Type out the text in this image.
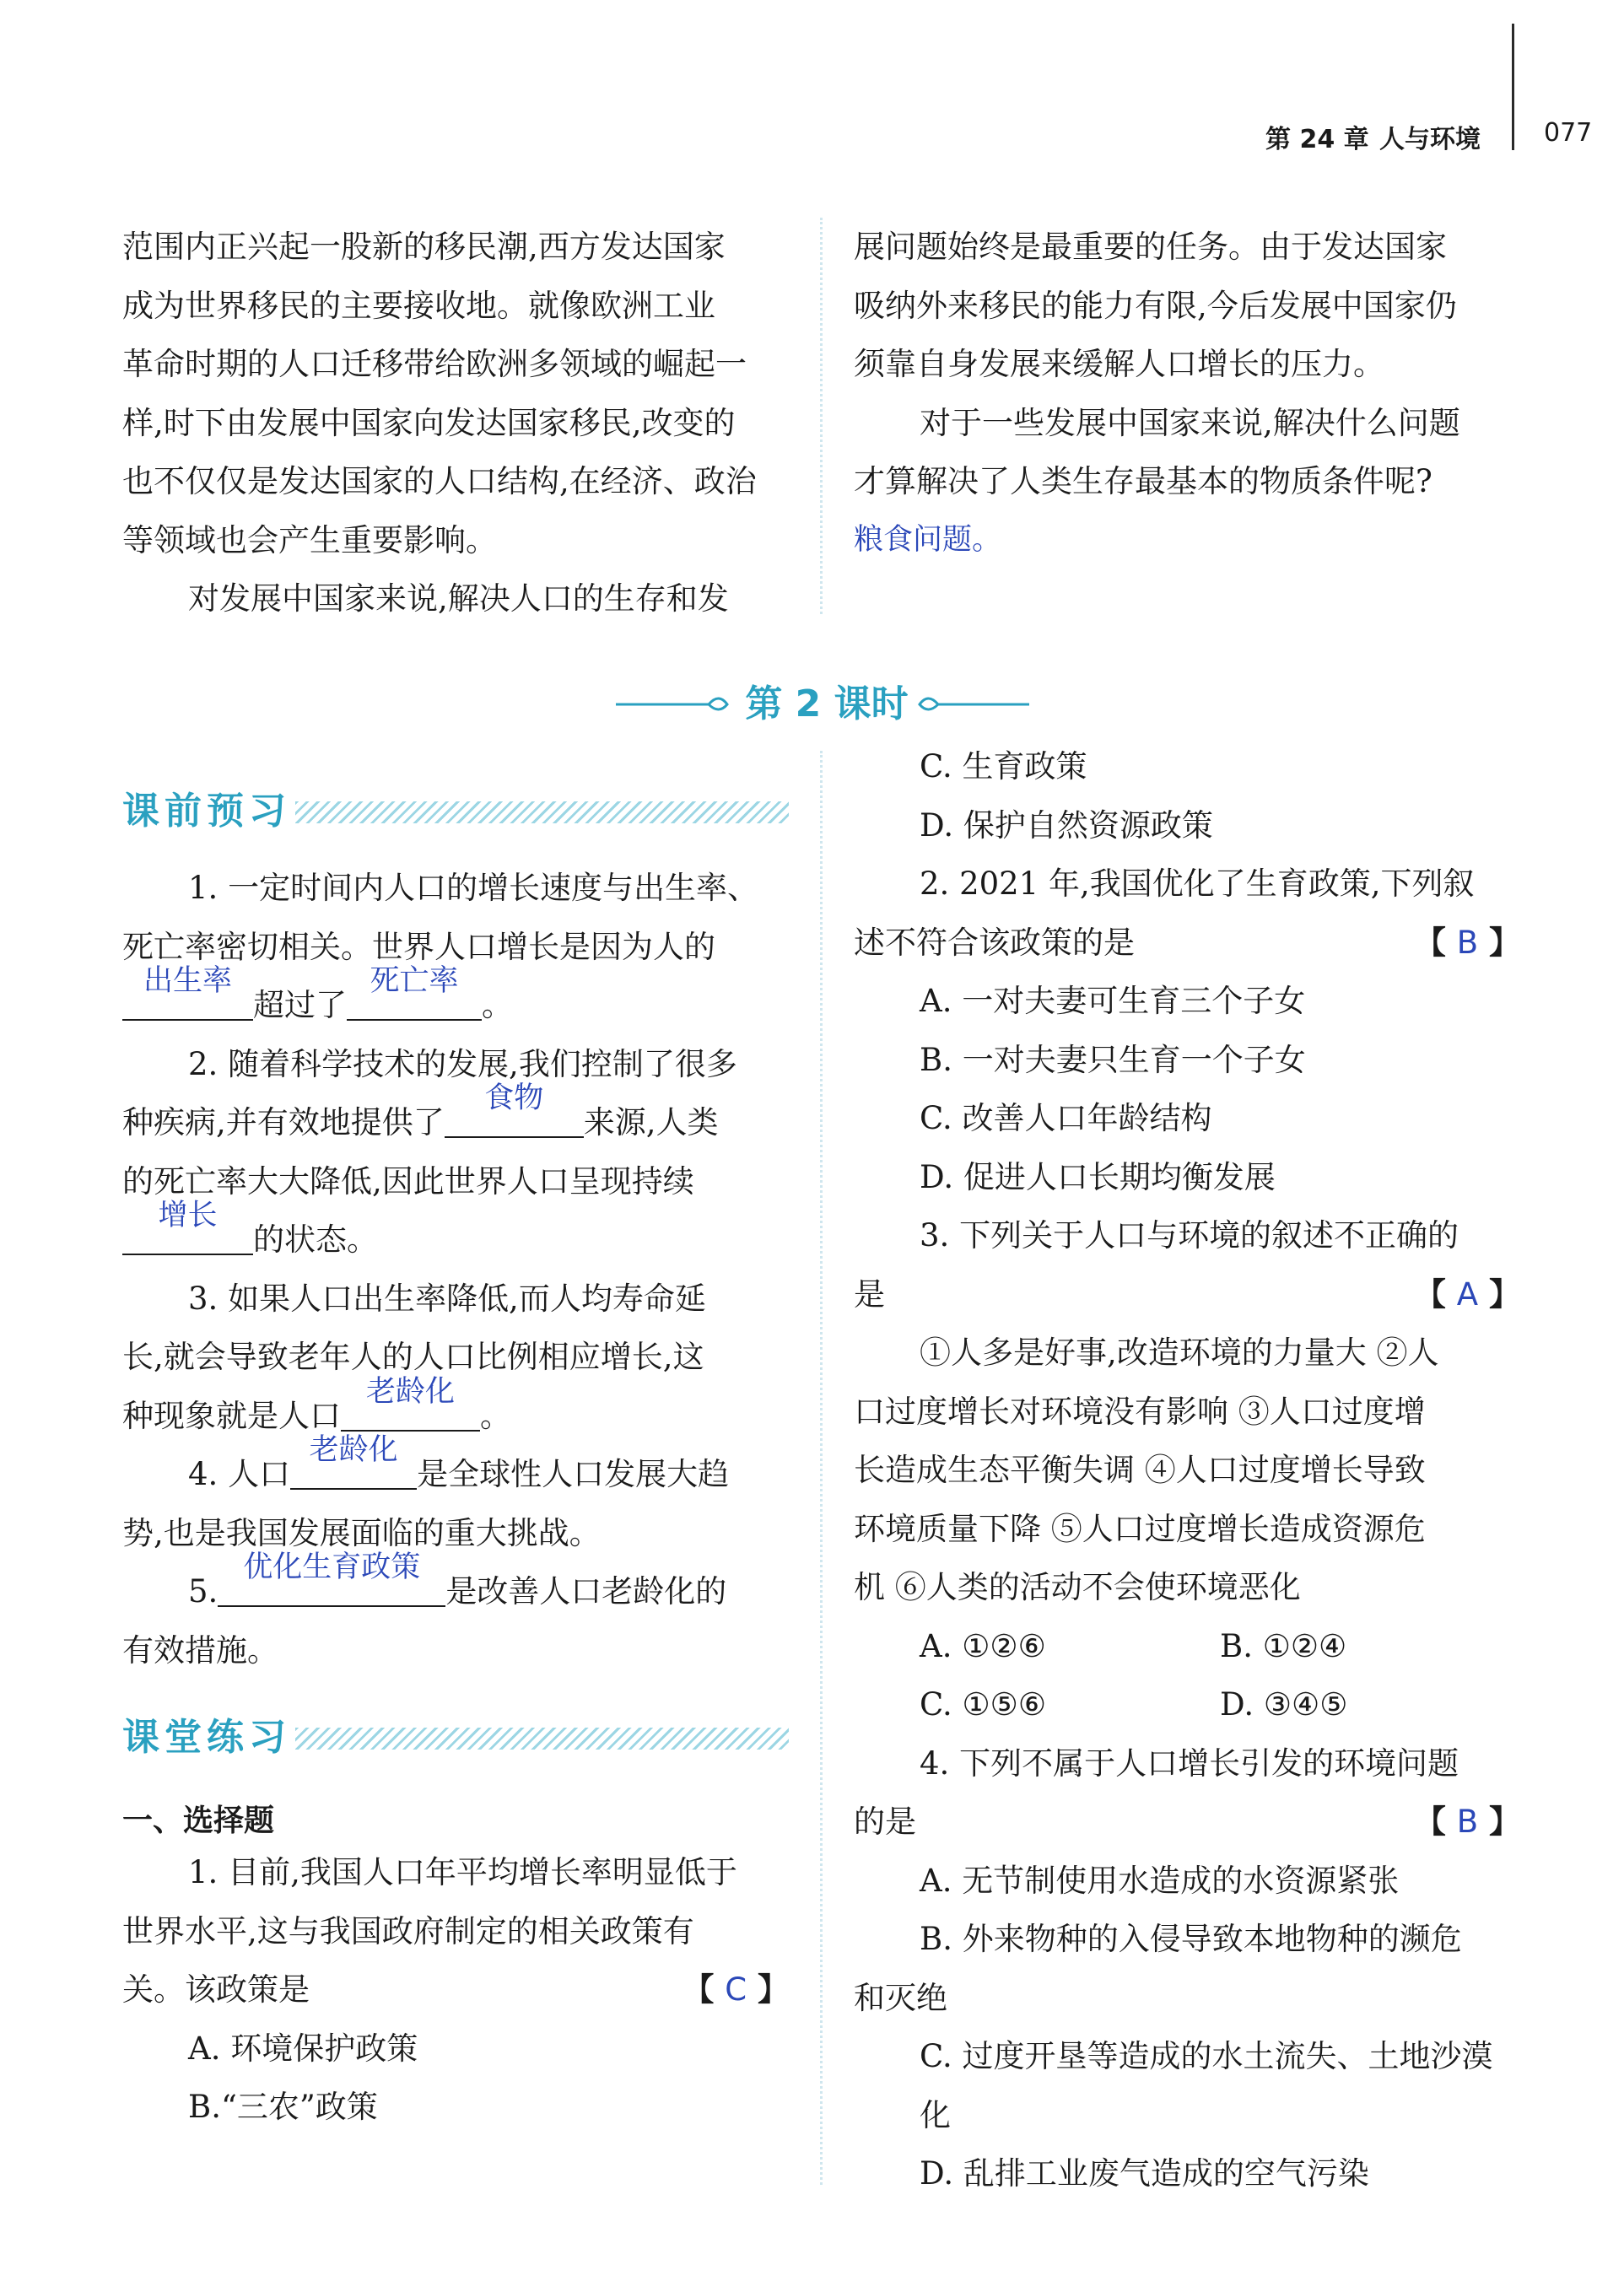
第 24 章 人与环境	077

范围内正兴起一股新的移民潮,西方发达国家

成为世界移民的主要接收地。就像欧洲工业

革命时期的人口迁移带给欧洲多领域的崛起一

样,时下由发展中国家向发达国家移民,改变的

也不仅仅是发达国家的人口结构,在经济、政治

等领域也会产生重要影响。

对发展中国家来说,解决人口的生存和发

展问题始终是最重要的任务。由于发达国家

吸纳外来移民的能力有限,今后发展中国家仍

须靠自身发展来缓解人口增长的压力。

对于一些发展中国家来说,解决什么问题

才算解决了人类生存最基本的物质条件呢?

粮食问题。

第 2 课时
课前预习

1. 一定时间内人口的增长速度与出生率、

死亡率密切相关。世界人口增长是因为人的

出生率
超过了
死亡率
。

2. 随着科学技术的发展,我们控制了很多

种疾病,并有效地提供了
食物
来源,人类

的死亡率大大降低,因此世界人口呈现持续

增长
的状态。

3. 如果人口出生率降低,而人均寿命延

长,就会导致老年人的人口比例相应增长,这

种现象就是人口
老龄化
。

4. 人口
老龄化
是全球性人口发展大趋

势,也是我国发展面临的重大挑战。

5.
优化生育政策
是改善人口老龄化的

有效措施。

课堂练习
一、选择题

1. 目前,我国人口年平均增长率明显低于

世界水平,这与我国政府制定的相关政策有

关。该政策是	【 C 】

A. 环境保护政策

B.“三农”政策

C. 生育政策

D. 保护自然资源政策

2. 2021 年,我国优化了生育政策,下列叙

述不符合该政策的是	【 B 】

A. 一对夫妻可生育三个子女

B. 一对夫妻只生育一个子女

C. 改善人口年龄结构

D. 促进人口长期均衡发展

3. 下列关于人口与环境的叙述不正确的

是	【 A 】

①人多是好事,改造环境的力量大 ②人

口过度增长对环境没有影响 ③人口过度增

长造成生态平衡失调 ④人口过度增长导致

环境质量下降 ⑤人口过度增长造成资源危

机 ⑥人类的活动不会使环境恶化

A. ①②⑥	B. ①②④
C. ①⑤⑥	D. ③④⑤

4. 下列不属于人口增长引发的环境问题

的是	【 B 】

A. 无节制使用水造成的水资源紧张

B. 外来物种的入侵导致本地物种的濒危

和灭绝

C. 过度开垦等造成的水土流失、土地沙漠化

D. 乱排工业废气造成的空气污染
